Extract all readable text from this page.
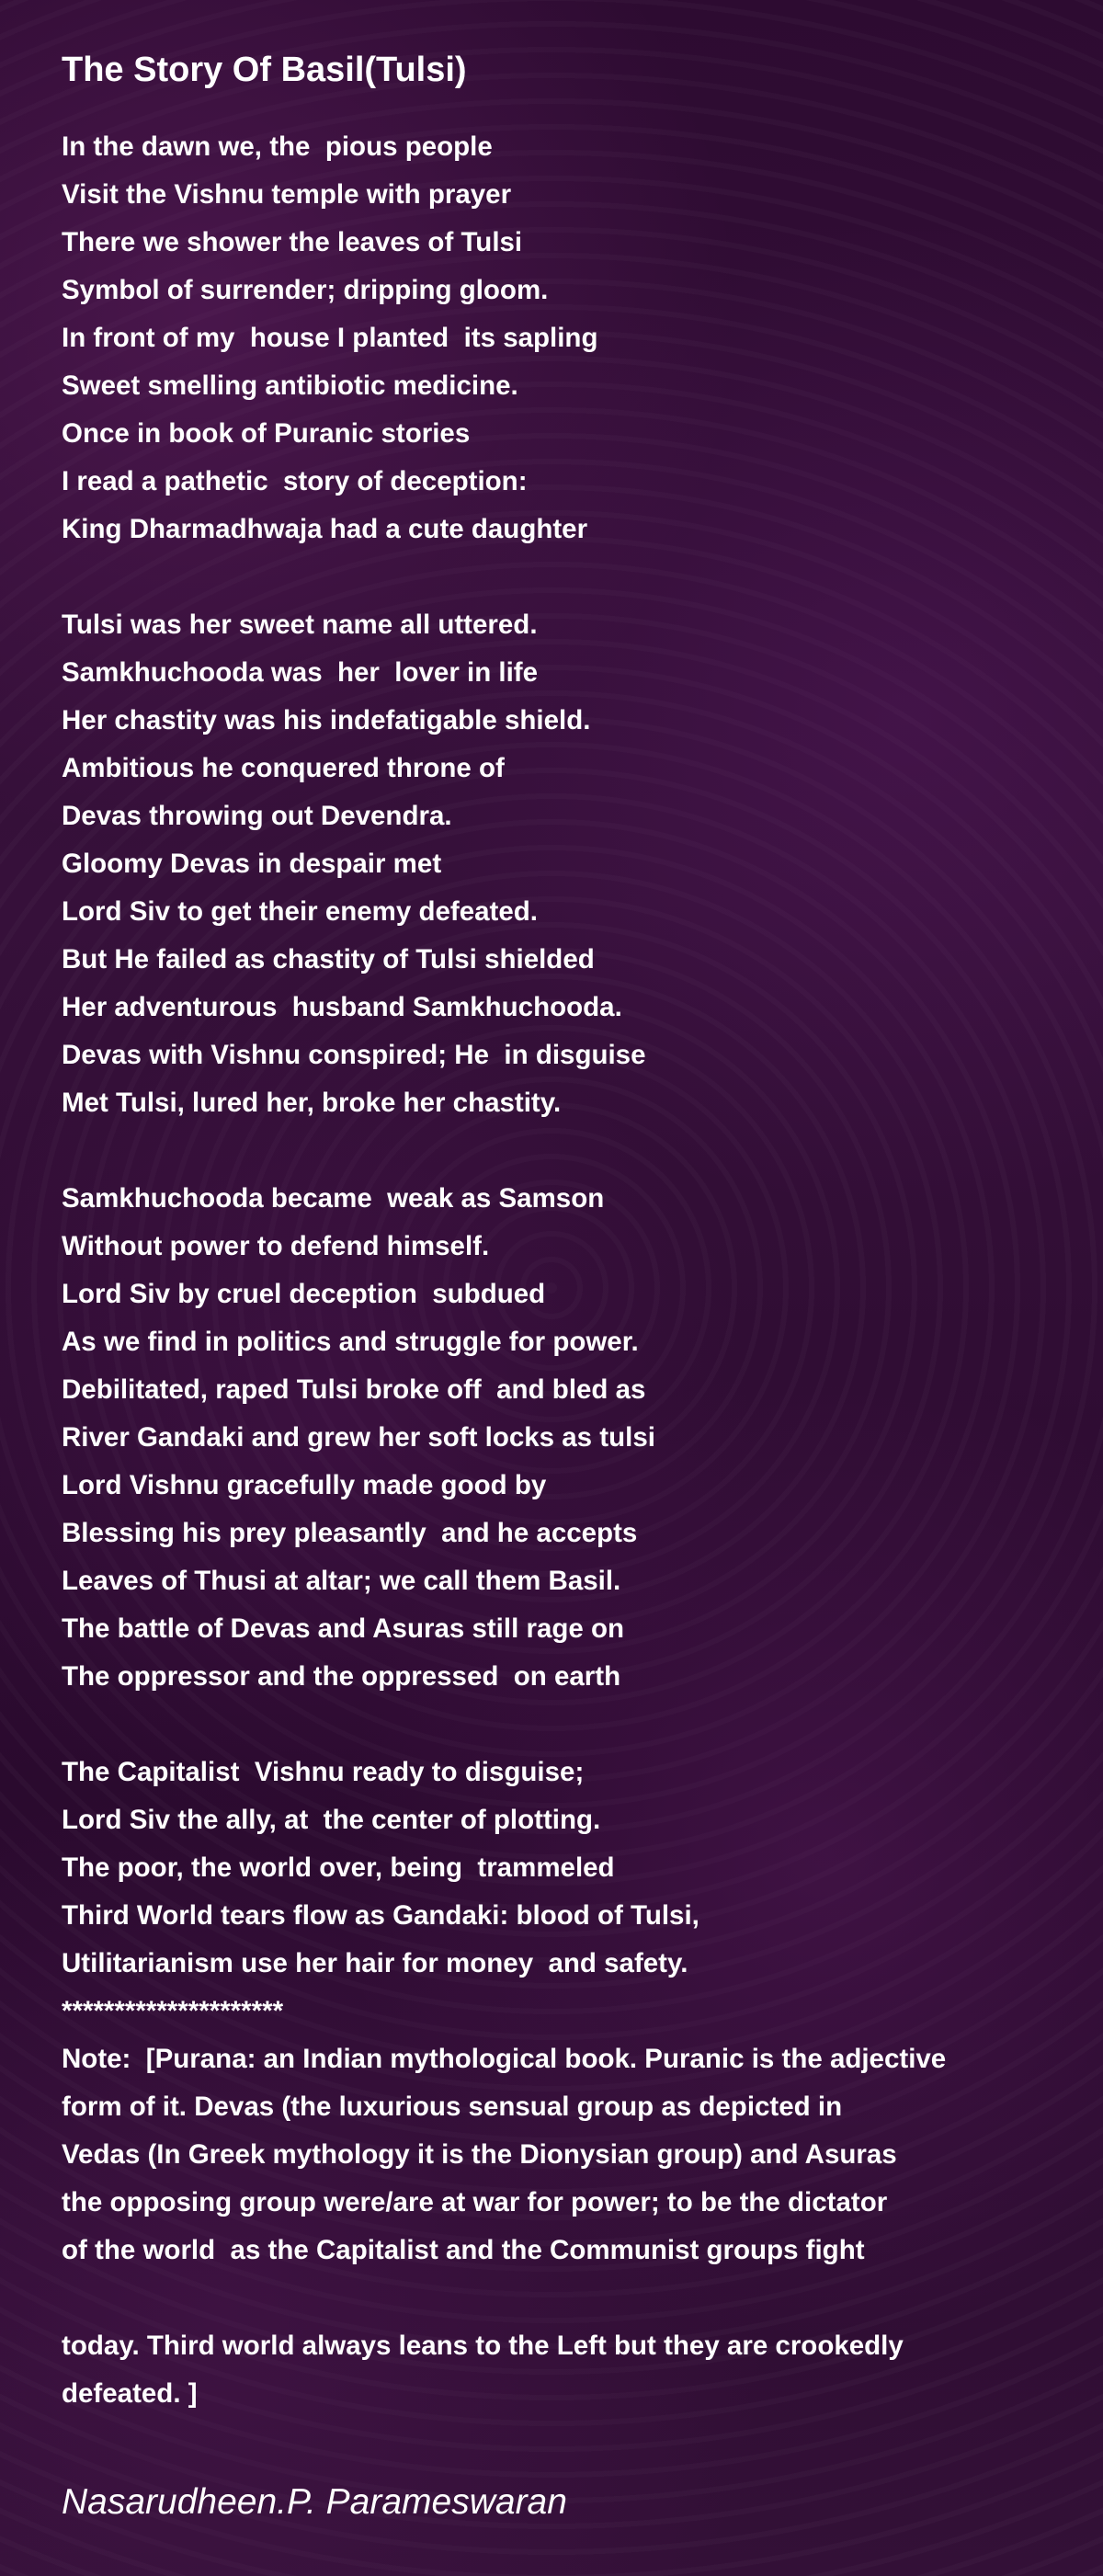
The Story Of Basil(Tulsi)
In the dawn we, the  pious people
Visit the Vishnu temple with prayer
There we shower the leaves of Tulsi
Symbol of surrender; dripping gloom.
In front of my  house I planted  its sapling
Sweet smelling antibiotic medicine.
Once in book of Puranic stories
I read a pathetic  story of deception:
King Dharmadhwaja had a cute daughter
Tulsi was her sweet name all uttered.
Samkhuchooda was  her  lover in life
Her chastity was his indefatigable shield.
Ambitious he conquered throne of
Devas throwing out Devendra.
Gloomy Devas in despair met
Lord Siv to get their enemy defeated.
But He failed as chastity of Tulsi shielded
Her adventurous  husband Samkhuchooda.
Devas with Vishnu conspired; He  in disguise
Met Tulsi, lured her, broke her chastity.
Samkhuchooda became  weak as Samson
Without power to defend himself.
Lord Siv by cruel deception  subdued
As we find in politics and struggle for power.
Debilitated, raped Tulsi broke off  and bled as
River Gandaki and grew her soft locks as tulsi
Lord Vishnu gracefully made good by
Blessing his prey pleasantly  and he accepts
Leaves of Thusi at altar; we call them Basil.
The battle of Devas and Asuras still rage on
The oppressor and the oppressed  on earth
The Capitalist  Vishnu ready to disguise;
Lord Siv the ally, at  the center of plotting.
The poor, the world over, being  trammeled
Third World tears flow as Gandaki: blood of Tulsi,
Utilitarianism use her hair for money  and safety.
*********************
Note:  [Purana: an Indian mythological book. Puranic is the adjective
form of it. Devas (the luxurious sensual group as depicted in
Vedas (In Greek mythology it is the Dionysian group) and Asuras
the opposing group were/are at war for power; to be the dictator
of the world  as the Capitalist and the Communist groups fight
today. Third world always leans to the Left but they are crookedly
defeated. ]
Nasarudheen.P. Parameswaran
